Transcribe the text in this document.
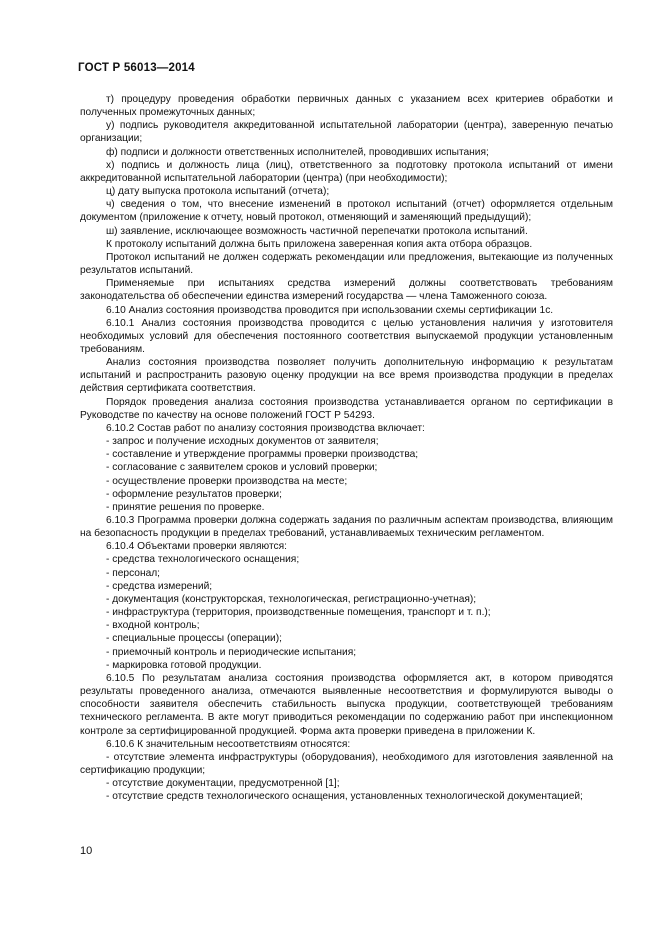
ГОСТ Р 56013—2014

т) процедуру проведения обработки первичных данных с указанием всех критериев обработки и полученных промежуточных данных;

у) подпись руководителя аккредитованной испытательной лаборатории (центра), заверенную печатью организации;

ф) подписи и должности ответственных исполнителей, проводивших испытания;

х) подпись и должность лица (лиц), ответственного за подготовку протокола испытаний от имени аккредитованной испытательной лаборатории (центра) (при необходимости);

ц) дату выпуска протокола испытаний (отчета);

ч) сведения о том, что внесение изменений в протокол испытаний (отчет) оформляется отдельным документом (приложение к отчету, новый протокол, отменяющий и заменяющий предыдущий);

ш) заявление, исключающее возможность частичной перепечатки протокола испытаний.

К протоколу испытаний должна быть приложена заверенная копия акта отбора образцов.

Протокол испытаний не должен содержать рекомендации или предложения, вытекающие из полученных результатов испытаний.

Применяемые при испытаниях средства измерений должны соответствовать требованиям законодательства об обеспечении единства измерений государства — члена Таможенного союза.

6.10 Анализ состояния производства проводится при использовании схемы сертификации 1с.

6.10.1 Анализ состояния производства проводится с целью установления наличия у изготовителя необходимых условий для обеспечения постоянного соответствия выпускаемой продукции установленным требованиям.

Анализ состояния производства позволяет получить дополнительную информацию к результатам испытаний и распространить разовую оценку продукции на все время производства продукции в пределах действия сертификата соответствия.

Порядок проведения анализа состояния производства устанавливается органом по сертификации в Руководстве по качеству на основе положений ГОСТ Р 54293.

6.10.2 Состав работ по анализу состояния производства включает:

- запрос и получение исходных документов от заявителя;

- составление и утверждение программы проверки производства;

- согласование с заявителем сроков и условий проверки;

- осуществление проверки производства на месте;

- оформление результатов проверки;

- принятие решения по проверке.

6.10.3 Программа проверки должна содержать задания по различным аспектам производства, влияющим на безопасность продукции в пределах требований, устанавливаемых техническим регламентом.

6.10.4 Объектами проверки являются:

- средства технологического оснащения;

- персонал;

- средства измерений;

- документация (конструкторская, технологическая, регистрационно-учетная);

- инфраструктура (территория, производственные помещения, транспорт и т. п.);

- входной контроль;

- специальные процессы (операции);

- приемочный контроль и периодические испытания;

- маркировка готовой продукции.

6.10.5 По результатам анализа состояния производства оформляется акт, в котором приводятся результаты проведенного анализа, отмечаются выявленные несоответствия и формулируются выводы о способности заявителя обеспечить стабильность выпуска продукции, соответствующей требованиям технического регламента. В акте могут приводиться рекомендации по содержанию работ при инспекционном контроле за сертифицированной продукцией. Форма акта проверки приведена в приложении К.

6.10.6 К значительным несоответствиям относятся:

- отсутствие элемента инфраструктуры (оборудования), необходимого для изготовления заявленной на сертификацию продукции;

- отсутствие документации, предусмотренной [1];

- отсутствие средств технологического оснащения, установленных технологической документацией;

10
